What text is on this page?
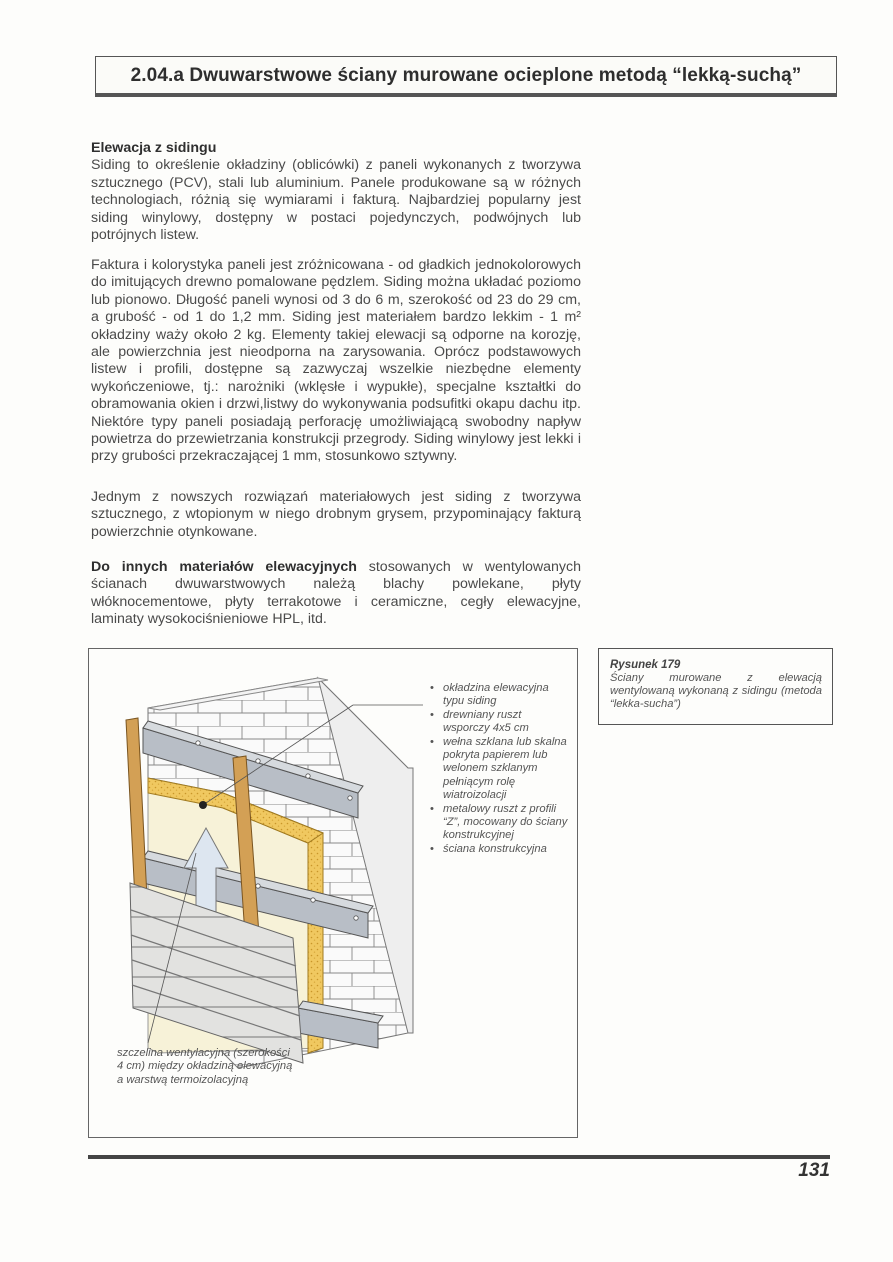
2.04.a Dwuwarstwowe ściany murowane ocieplone metodą “lekką-suchą”
Elewacja z sidingu

Siding to określenie okładziny (oblicówki) z paneli wykonanych z tworzywa sztucznego (PCV), stali lub aluminium. Panele produkowane są w różnych technologiach, różnią się wymiarami i fakturą. Najbardziej popularny jest siding winylowy, dostępny w postaci pojedynczych, podwójnych lub potrójnych listew.

Faktura i kolorystyka paneli jest zróżnicowana - od gładkich jednokolorowych do imitujących drewno pomalowane pędzlem. Siding można układać poziomo lub pionowo. Długość paneli wynosi od 3 do 6 m, szerokość od 23 do 29 cm, a grubość - od 1 do 1,2 mm. Siding jest materiałem bardzo lekkim - 1 m² okładziny waży około 2 kg. Elementy takiej elewacji są odporne na korozję, ale powierzchnia jest nieodporna na zarysowania. Oprócz podstawowych listew i profili, dostępne są zazwyczaj wszelkie niezbędne elementy wykończeniowe, tj.: narożniki (wklęsłe i wypukłe), specjalne kształtki do obramowania okien i drzwi,listwy do wykonywania podsufitki okapu dachu itp. Niektóre typy paneli posiadają perforację umożliwiającą swobodny napływ powietrza do przewietrzania konstrukcji przegrody. Siding winylowy jest lekki i przy grubości przekraczającej 1 mm, stosunkowo sztywny.

Jednym z nowszych rozwiązań materiałowych jest siding z tworzywa sztucznego, z wtopionym w niego drobnym grysem, przypominający fakturą powierzchnie otynkowane.

Do innych materiałów elewacyjnych stosowanych w wentylowanych ścianach dwuwarstwowych należą blachy powlekane, płyty włóknocementowe, płyty terrakotowe i ceramiczne, cegły elewacyjne, laminaty wysokociśnieniowe HPL, itd.

• okładzina elewacyjna typu siding
• drewniany ruszt wsporczy 4x5 cm
• wełna szklana lub skalna pokryta papierem lub welonem szklanym pełniącym rolę wiatroizolacji
• metalowy ruszt z profili “Z”, mocowany do ściany konstrukcyjnej
• ściana konstrukcyjna
szczelina wentylacyjna (szerokości 4 cm) między okładziną elewacyjną a warstwą termoizolacyjną
Rysunek 179
Ściany murowane z elewacją wentylowaną wykonaną z sidingu (metoda “lekka-sucha”)
131
